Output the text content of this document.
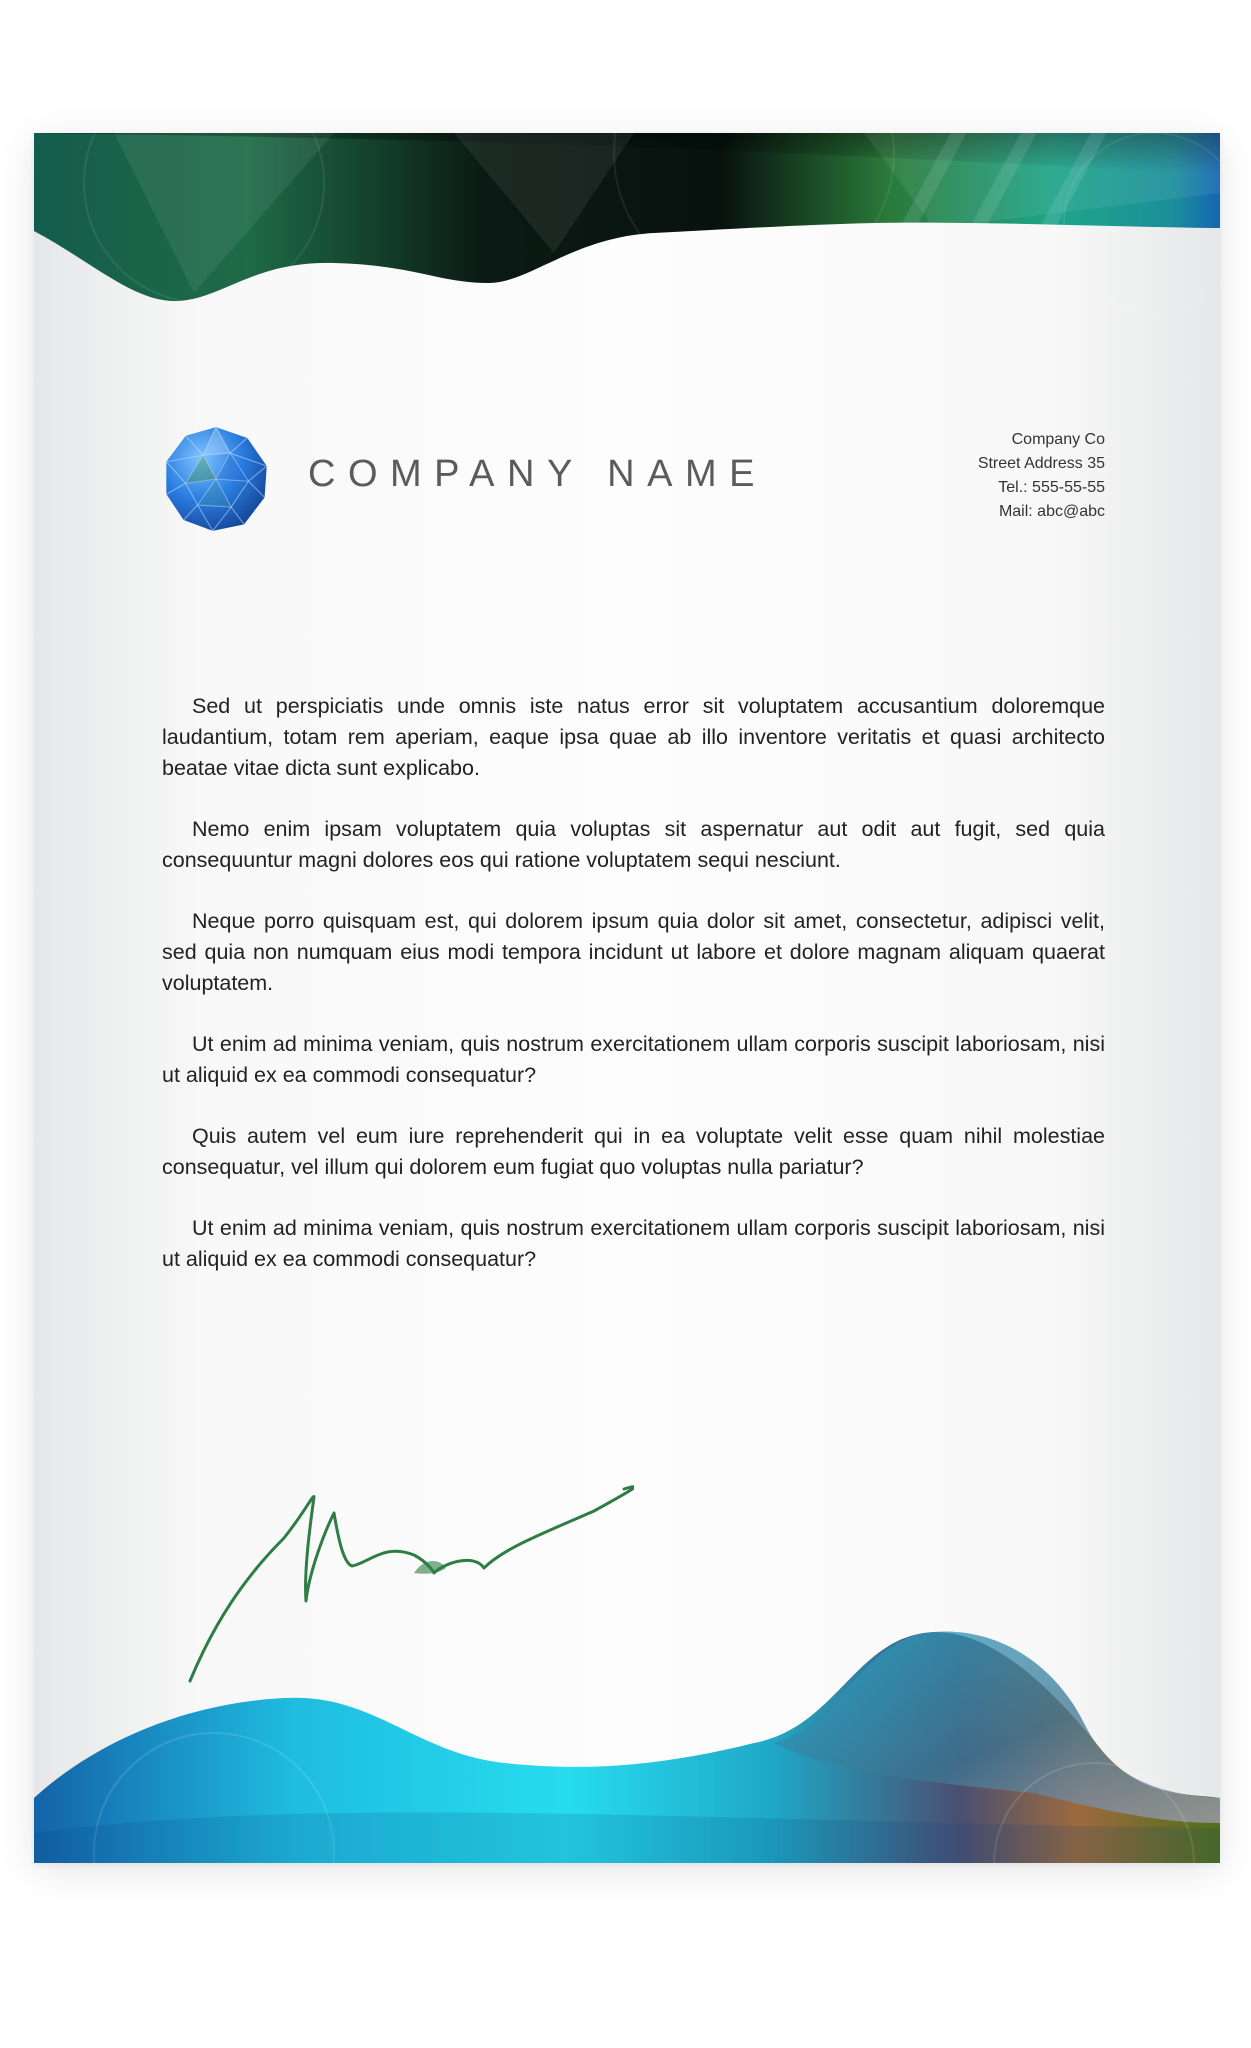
COMPANY NAME
Company Co
Street Address 35
Tel.: 555-55-55
Mail: abc@abc

Sed ut perspiciatis unde omnis iste natus error sit voluptatem accusantium doloremque laudantium, totam rem aperiam, eaque ipsa quae ab illo inventore veritatis et quasi architecto beatae vitae dicta sunt explicabo.

Nemo enim ipsam voluptatem quia voluptas sit aspernatur aut odit aut fugit, sed quia consequuntur magni dolores eos qui ratione voluptatem sequi nesciunt.

Neque porro quisquam est, qui dolorem ipsum quia dolor sit amet, consectetur, adipisci velit, sed quia non numquam eius modi tempora incidunt ut labore et dolore magnam aliquam quaerat voluptatem.

Ut enim ad minima veniam, quis nostrum exercitationem ullam corporis suscipit laboriosam, nisi ut aliquid ex ea commodi consequatur?

Quis autem vel eum iure reprehenderit qui in ea voluptate velit esse quam nihil molestiae consequatur, vel illum qui dolorem eum fugiat quo voluptas nulla pariatur?

Ut enim ad minima veniam, quis nostrum exercitationem ullam corporis suscipit laboriosam, nisi ut aliquid ex ea commodi consequatur?
